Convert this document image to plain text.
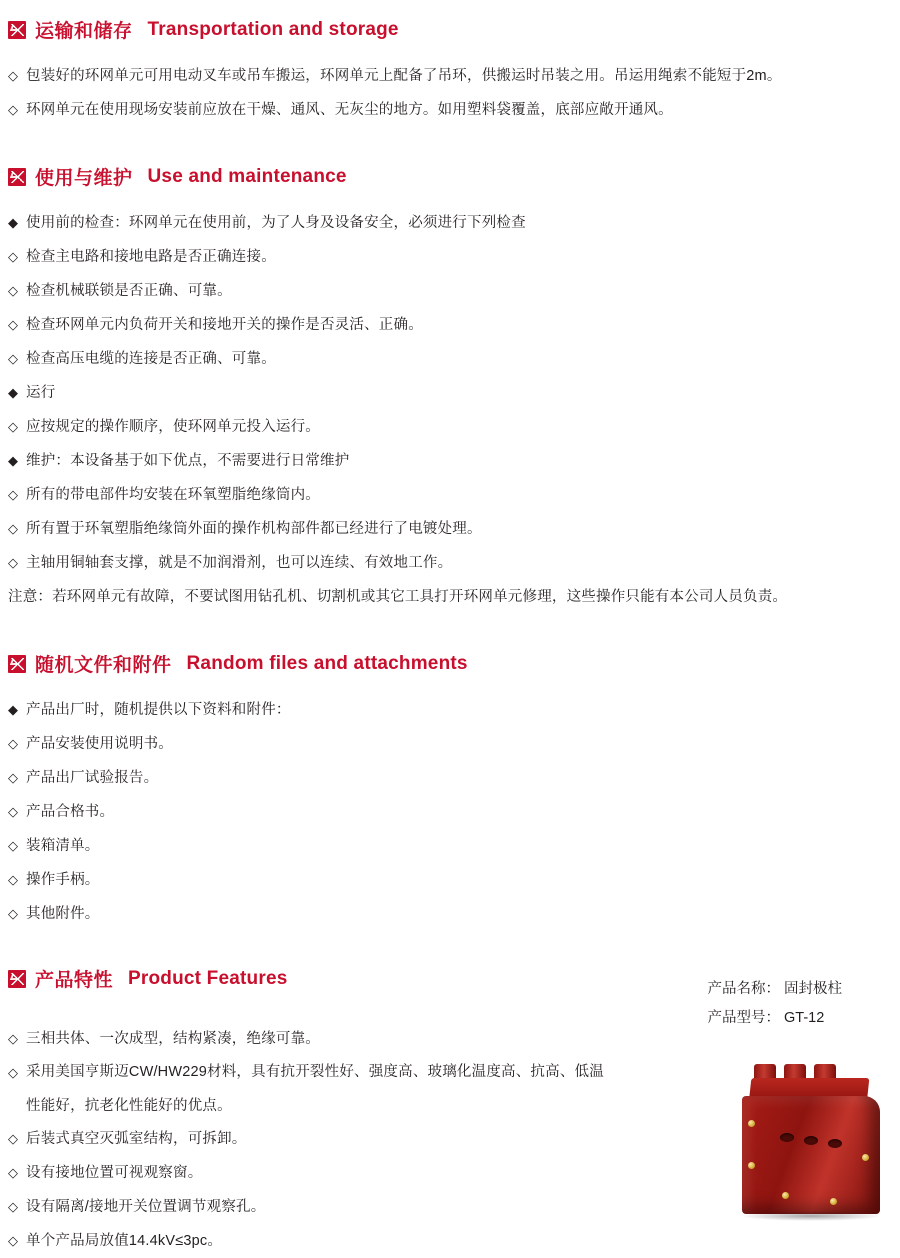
运输和储存 Transportation and storage
◇ 包装好的环网单元可用电动叉车或吊车搬运，环网单元上配备了吊环，供搬运时吊装之用。吊运用绳索不能短于2m。
◇ 环网单元在使用现场安装前应放在干燥、通风、无灰尘的地方。如用塑料袋覆盖，底部应敞开通风。
使用与维护 Use and maintenance
◆ 使用前的检查：环网单元在使用前，为了人身及设备安全，必须进行下列检查
◇ 检查主电路和接地电路是否正确连接。
◇ 检查机械联锁是否正确、可靠。
◇ 检查环网单元内负荷开关和接地开关的操作是否灵活、正确。
◇ 检查高压电缆的连接是否正确、可靠。
◆ 运行
◇ 应按规定的操作顺序，使环网单元投入运行。
◆ 维护：本设备基于如下优点，不需要进行日常维护
◇ 所有的带电部件均安装在环氧塑脂绝缘筒内。
◇ 所有置于环氧塑脂绝缘筒外面的操作机构部件都已经进行了电镀处理。
◇ 主轴用铜轴套支撑，就是不加润滑剂，也可以连续、有效地工作。
注意：若环网单元有故障，不要试图用钻孔机、切割机或其它工具打开环网单元修理，这些操作只能有本公司人员负责。
随机文件和附件 Random files and attachments
◆ 产品出厂时，随机提供以下资料和附件：
◇ 产品安装使用说明书。
◇ 产品出厂试验报告。
◇ 产品合格书。
◇ 装箱清单。
◇ 操作手柄。
◇ 其他附件。
产品特性 Product Features
产品名称： 固封极柱
产品型号： GT-12
◇ 三相共体、一次成型，结构紧凑，绝缘可靠。
◇ 采用美国亨斯迈CW/HW229材料，具有抗开裂性好、强度高、玻璃化温度高、抗高、低温
性能好，抗老化性能好的优点。
◇ 后装式真空灭弧室结构，可拆卸。
◇ 设有接地位置可视观察窗。
◇ 设有隔离/接地开关位置调节观察孔。
◇ 单个产品局放值14.4kV≤3pc。
